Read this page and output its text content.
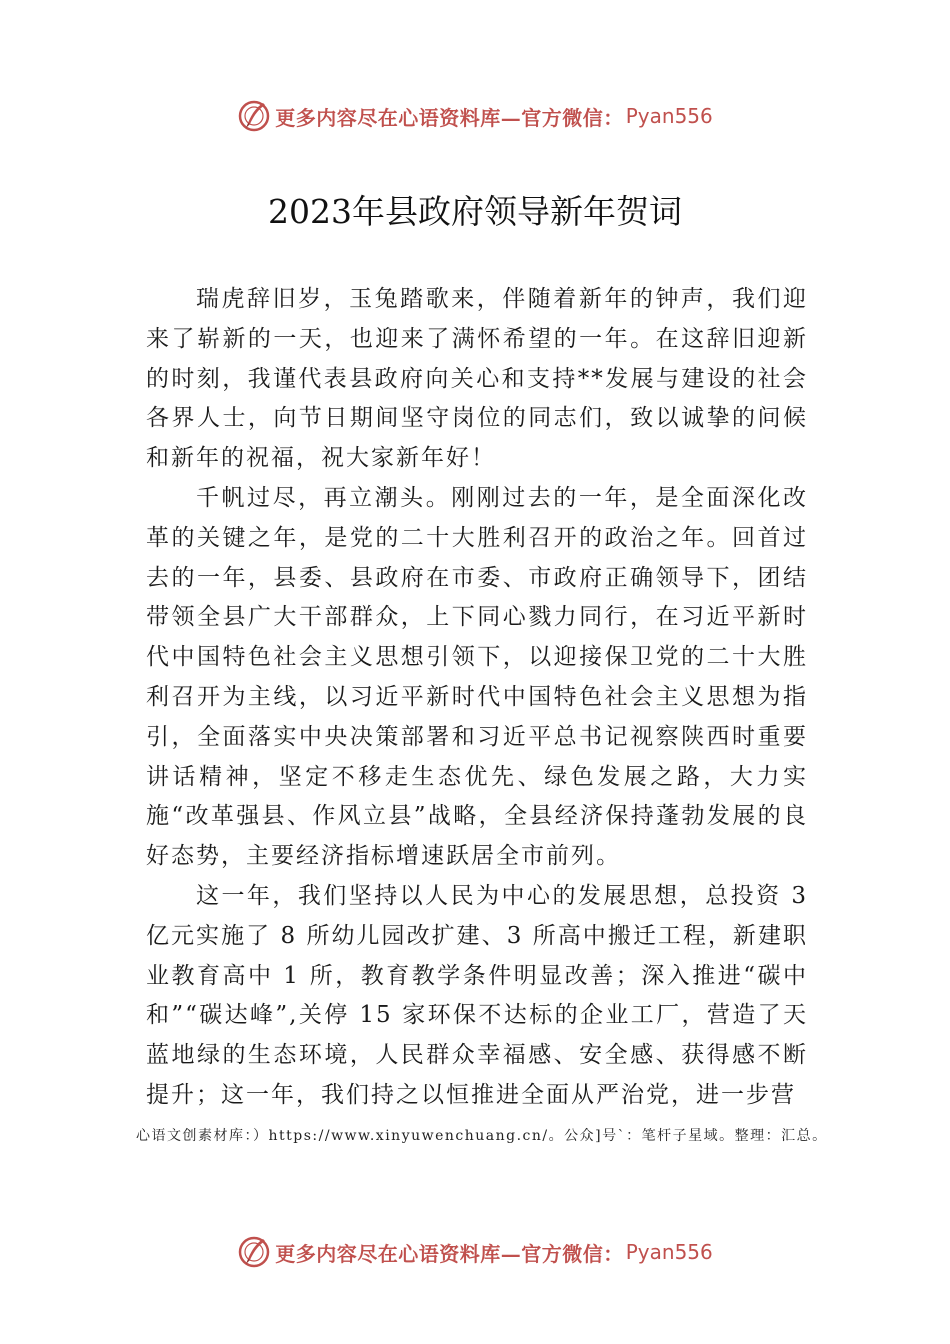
更多内容尽在心语资料库—官方微信： Pyan556
2023年县政府领导新年贺词

瑞虎辞旧岁，玉兔踏歌来，伴随着新年的钟声，我们迎来了崭新的一天，也迎来了满怀希望的一年。在这辞旧迎新的时刻，我谨代表县政府向关心和支持**发展与建设的社会各界人士，向节日期间坚守岗位的同志们，致以诚挚的问候和新年的祝福，祝大家新年好！

千帆过尽，再立潮头。刚刚过去的一年，是全面深化改革的关键之年，是党的二十大胜利召开的政治之年。回首过去的一年，县委、县政府在市委、市政府正确领导下，团结带领全县广大干部群众，上下同心戮力同行，在习近平新时代中国特色社会主义思想引领下，以迎接保卫党的二十大胜利召开为主线，以习近平新时代中国特色社会主义思想为指引，全面落实中央决策部署和习近平总书记视察陕西时重要讲话精神，坚定不移走生态优先、绿色发展之路，大力实施“改革强县、作风立县”战略，全县经济保持蓬勃发展的良好态势，主要经济指标增速跃居全市前列。

这一年，我们坚持以人民为中心的发展思想，总投资 3亿元实施了 8 所幼儿园改扩建、3 所高中搬迁工程，新建职业教育高中 1 所，教育教学条件明显改善；深入推进“碳中和”“碳达峰”,关停 15 家环保不达标的企业工厂，营造了天蓝地绿的生态环境，人民群众幸福感、安全感、获得感不断提升；这一年，我们持之以恒推进全面从严治党，进一步营

心语文创素材库：）https://www.xinyuwenchuang.cn/。公众]号`：笔杆子星域。整理：汇总。

更多内容尽在心语资料库—官方微信： Pyan556
